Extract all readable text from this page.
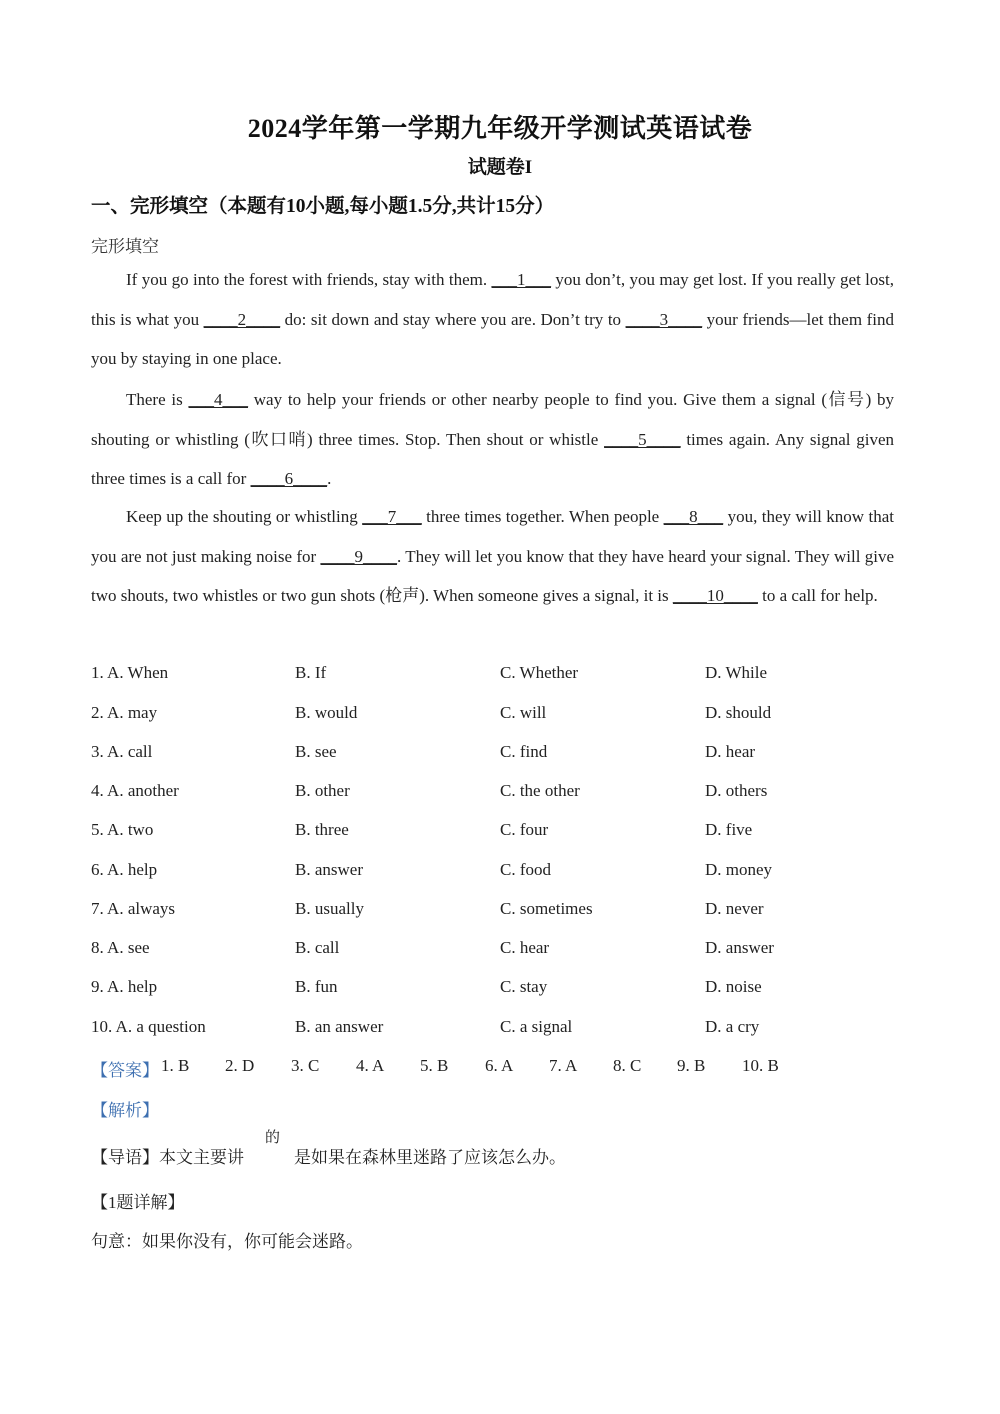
2024学年第一学期九年级开学测试英语试卷
试题卷I
一、完形填空（本题有10小题,每小题1.5分,共计15分）
完形填空

If you go into the forest with friends, stay with them. ___1___ you don’t, you may get lost. If you really get lost, this is what you ____2____ do: sit down and stay where you are. Don’t try to ____3____ your friends—let them find you by staying in one place.

There is ___4___ way to help your friends or other nearby people to find you. Give them a signal (信号) by shouting or whistling (吹口哨) three times. Stop. Then shout or whistle ____5____ times again. Any signal given three times is a call for ____6____.

Keep up the shouting or whistling ___7___ three times together. When people ___8___ you, they will know that you are not just making noise for ____9____. They will let you know that they have heard your signal. They will give two shouts, two whistles or two gun shots (枪声). When someone gives a signal, it is ____10____ to a call for help.

1. A. When	B. If	C. Whether	D. While
2. A. may	B. would	C. will	D. should
3. A. call	B. see	C. find	D. hear
4. A. another	B. other	C. the other	D. others
5. A. two	B. three	C. four	D. five
6. A. help	B. answer	C. food	D. money
7. A. always	B. usually	C. sometimes	D. never
8. A. see	B. call	C. hear	D. answer
9. A. help	B. fun	C. stay	D. noise
10. A. a question	B. an answer	C. a signal	D. a cry
【答案】 1. B 2. D 3. C 4. A 5. B 6. A 7. A 8. C 9. B 10. B
【解析】
的
【导语】本文主要讲	是如果在森林里迷路了应该怎么办。
【1题详解】
句意：如果你没有，你可能会迷路。
